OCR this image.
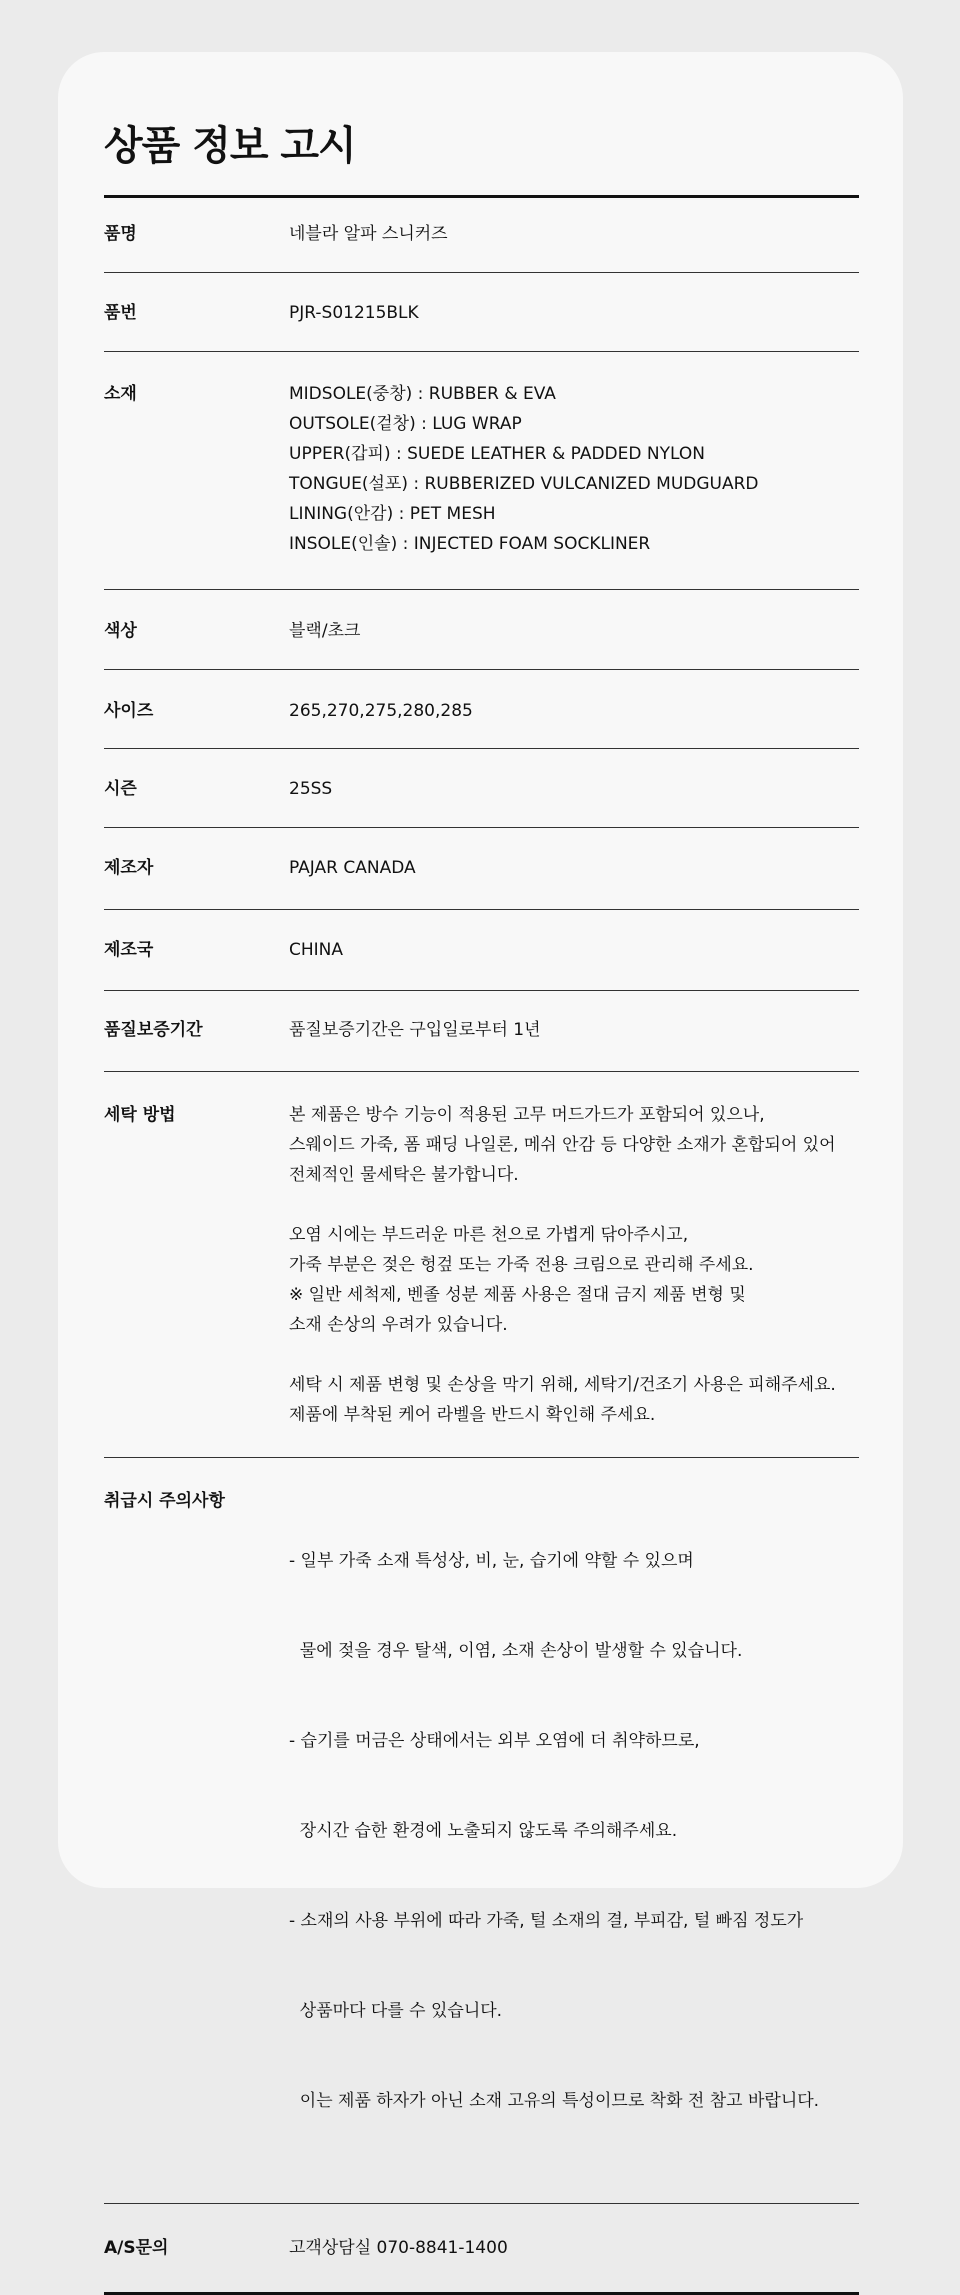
상품 정보 고시
품명	네블라 알파 스니커즈
품번	PJR-S01215BLK
소재	MIDSOLE(중창) : RUBBER & EVA
OUTSOLE(겉창) : LUG WRAP
UPPER(갑피) : SUEDE LEATHER & PADDED NYLON
TONGUE(설포) : RUBBERIZED VULCANIZED MUDGUARD
LINING(안감) : PET MESH
INSOLE(인솔) : INJECTED FOAM SOCKLINER
색상	블랙/초크
사이즈	265,270,275,280,285
시즌	25SS
제조자	PAJAR CANADA
제조국	CHINA
품질보증기간	품질보증기간은 구입일로부터 1년
세탁 방법	본 제품은 방수 기능이 적용된 고무 머드가드가 포함되어 있으나,
스웨이드 가죽, 폼 패딩 나일론, 메쉬 안감 등 다양한 소재가 혼합되어 있어
전체적인 물세탁은 불가합니다.
오염 시에는 부드러운 마른 천으로 가볍게 닦아주시고,
가죽 부분은 젖은 헝겊 또는 가죽 전용 크림으로 관리해 주세요.
※ 일반 세척제, 벤졸 성분 제품 사용은 절대 금지 제품 변형 및
소재 손상의 우려가 있습니다.
세탁 시 제품 변형 및 손상을 막기 위해, 세탁기/건조기 사용은 피해주세요.
제품에 부착된 케어 라벨을 반드시 확인해 주세요.
취급시 주의사항

- 일부 가죽 소재 특성상, 비, 눈, 습기에 약할 수 있으며

물에 젖을 경우 탈색, 이염, 소재 손상이 발생할 수 있습니다.

- 습기를 머금은 상태에서는 외부 오염에 더 취약하므로,

장시간 습한 환경에 노출되지 않도록 주의해주세요.

- 소재의 사용 부위에 따라 가죽, 털 소재의 결, 부피감, 털 빠짐 정도가

상품마다 다를 수 있습니다.

이는 제품 하자가 아닌 소재 고유의 특성이므로 착화 전 참고 바랍니다.

A/S문의	고객상담실 070-8841-1400
